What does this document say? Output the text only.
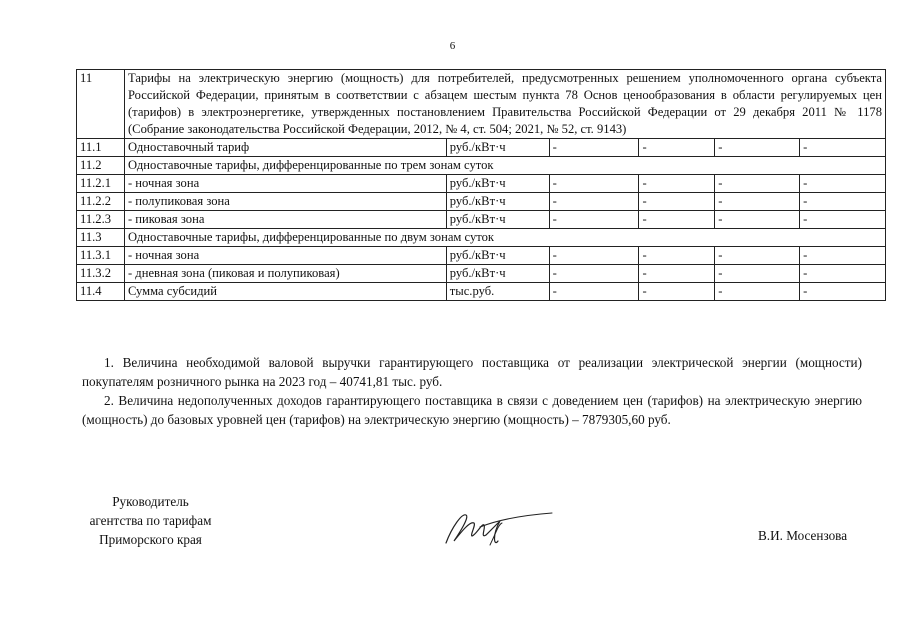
6
11	Тарифы на электрическую энергию (мощность) для потребителей, предусмотренных решением уполномоченного органа субъекта Российской Федерации, принятым в соответствии с абзацем шестым пункта 78 Основ ценообразования в области регулируемых цен (тарифов) в электроэнергетике, утвержденных постановлением Правительства Российской Федерации от 29 декабря 2011 № 1178 (Собрание законодательства Российской Федерации, 2012, № 4, ст. 504; 2021, № 52, ст. 9143)					
11.1	Одноставочный тариф	руб./кВт·ч	-	-	-	-
11.2	Одноставочные тарифы, дифференцированные по трем зонам суток					
11.2.1	- ночная зона	руб./кВт·ч	-	-	-	-
11.2.2	- полупиковая зона	руб./кВт·ч	-	-	-	-
11.2.3	- пиковая зона	руб./кВт·ч	-	-	-	-
11.3	Одноставочные тарифы, дифференцированные по двум зонам суток					
11.3.1	- ночная зона	руб./кВт·ч	-	-	-	-
11.3.2	- дневная зона (пиковая и полупиковая)	руб./кВт·ч	-	-	-	-
11.4	Сумма субсидий	тыс.руб.	-	-	-	-

1. Величина необходимой валовой выручки гарантирующего поставщика от реализации электрической энергии (мощности) покупателям розничного рынка на 2023 год – 40741,81 тыс. руб.

2. Величина недополученных доходов гарантирующего поставщика в связи с доведением цен (тарифов) на электрическую энергию (мощность) до базовых уровней цен (тарифов) на электрическую энергию (мощность) – 7879305,60 руб.

Руководитель
агентства по тарифам
Приморского края	В.И. Мосензова
